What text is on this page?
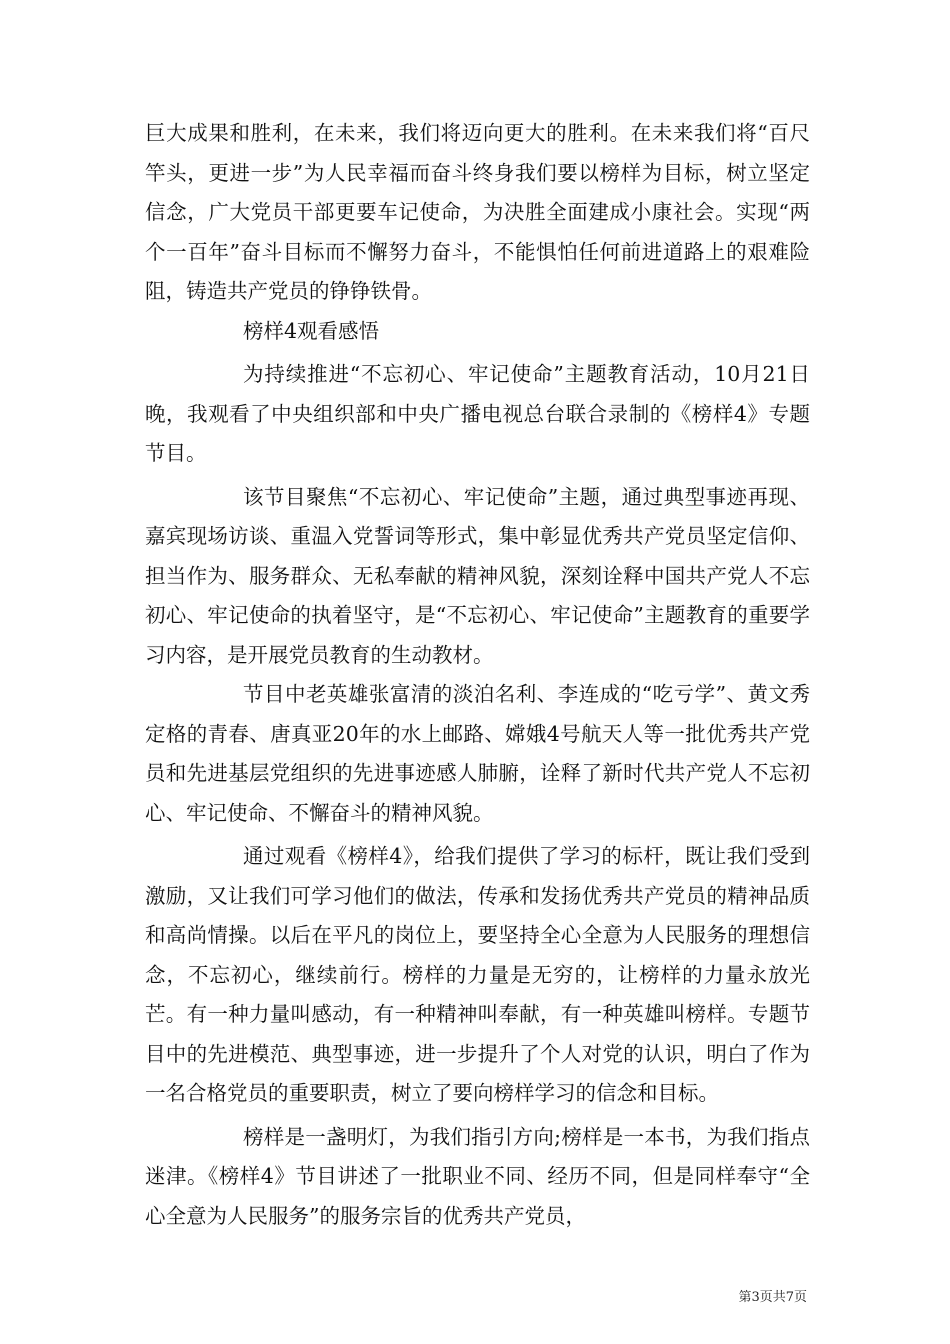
巨大成果和胜利，在未来，我们将迈向更大的胜利。在未来我们将“百尺竿头，更进一步”为人民幸福而奋斗终身我们要以榜样为目标，树立坚定信念，广大党员干部更要车记使命，为决胜全面建成小康社会。实现“两个一百年”奋斗目标而不懈努力奋斗，不能惧怕任何前进道路上的艰难险阻，铸造共产党员的铮铮铁骨。

榜样4观看感悟

为持续推进“不忘初心、牢记使命”主题教育活动，10月21日晚，我观看了中央组织部和中央广播电视总台联合录制的《榜样4》专题节目。

该节目聚焦“不忘初心、牢记使命”主题，通过典型事迹再现、嘉宾现场访谈、重温入党誓词等形式，集中彰显优秀共产党员坚定信仰、担当作为、服务群众、无私奉献的精神风貌，深刻诠释中国共产党人不忘初心、牢记使命的执着坚守，是“不忘初心、牢记使命”主题教育的重要学习内容，是开展党员教育的生动教材。

节目中老英雄张富清的淡泊名利、李连成的“吃亏学”、黄文秀定格的青春、唐真亚20年的水上邮路、嫦娥4号航天人等一批优秀共产党员和先进基层党组织的先进事迹感人肺腑，诠释了新时代共产党人不忘初心、牢记使命、不懈奋斗的精神风貌。

通过观看《榜样4》，给我们提供了学习的标杆，既让我们受到激励，又让我们可学习他们的做法，传承和发扬优秀共产党员的精神品质和高尚情操。以后在平凡的岗位上，要坚持全心全意为人民服务的理想信念，不忘初心，继续前行。榜样的力量是无穷的，让榜样的力量永放光芒。有一种力量叫感动，有一种精神叫奉献，有一种英雄叫榜样。专题节目中的先进模范、典型事迹，进一步提升了个人对党的认识，明白了作为一名合格党员的重要职责，树立了要向榜样学习的信念和目标。

榜样是一盏明灯，为我们指引方向;榜样是一本书，为我们指点迷津。《榜样4》节目讲述了一批职业不同、经历不同，但是同样奉守“全心全意为人民服务”的服务宗旨的优秀共产党员，

第3页共7页
